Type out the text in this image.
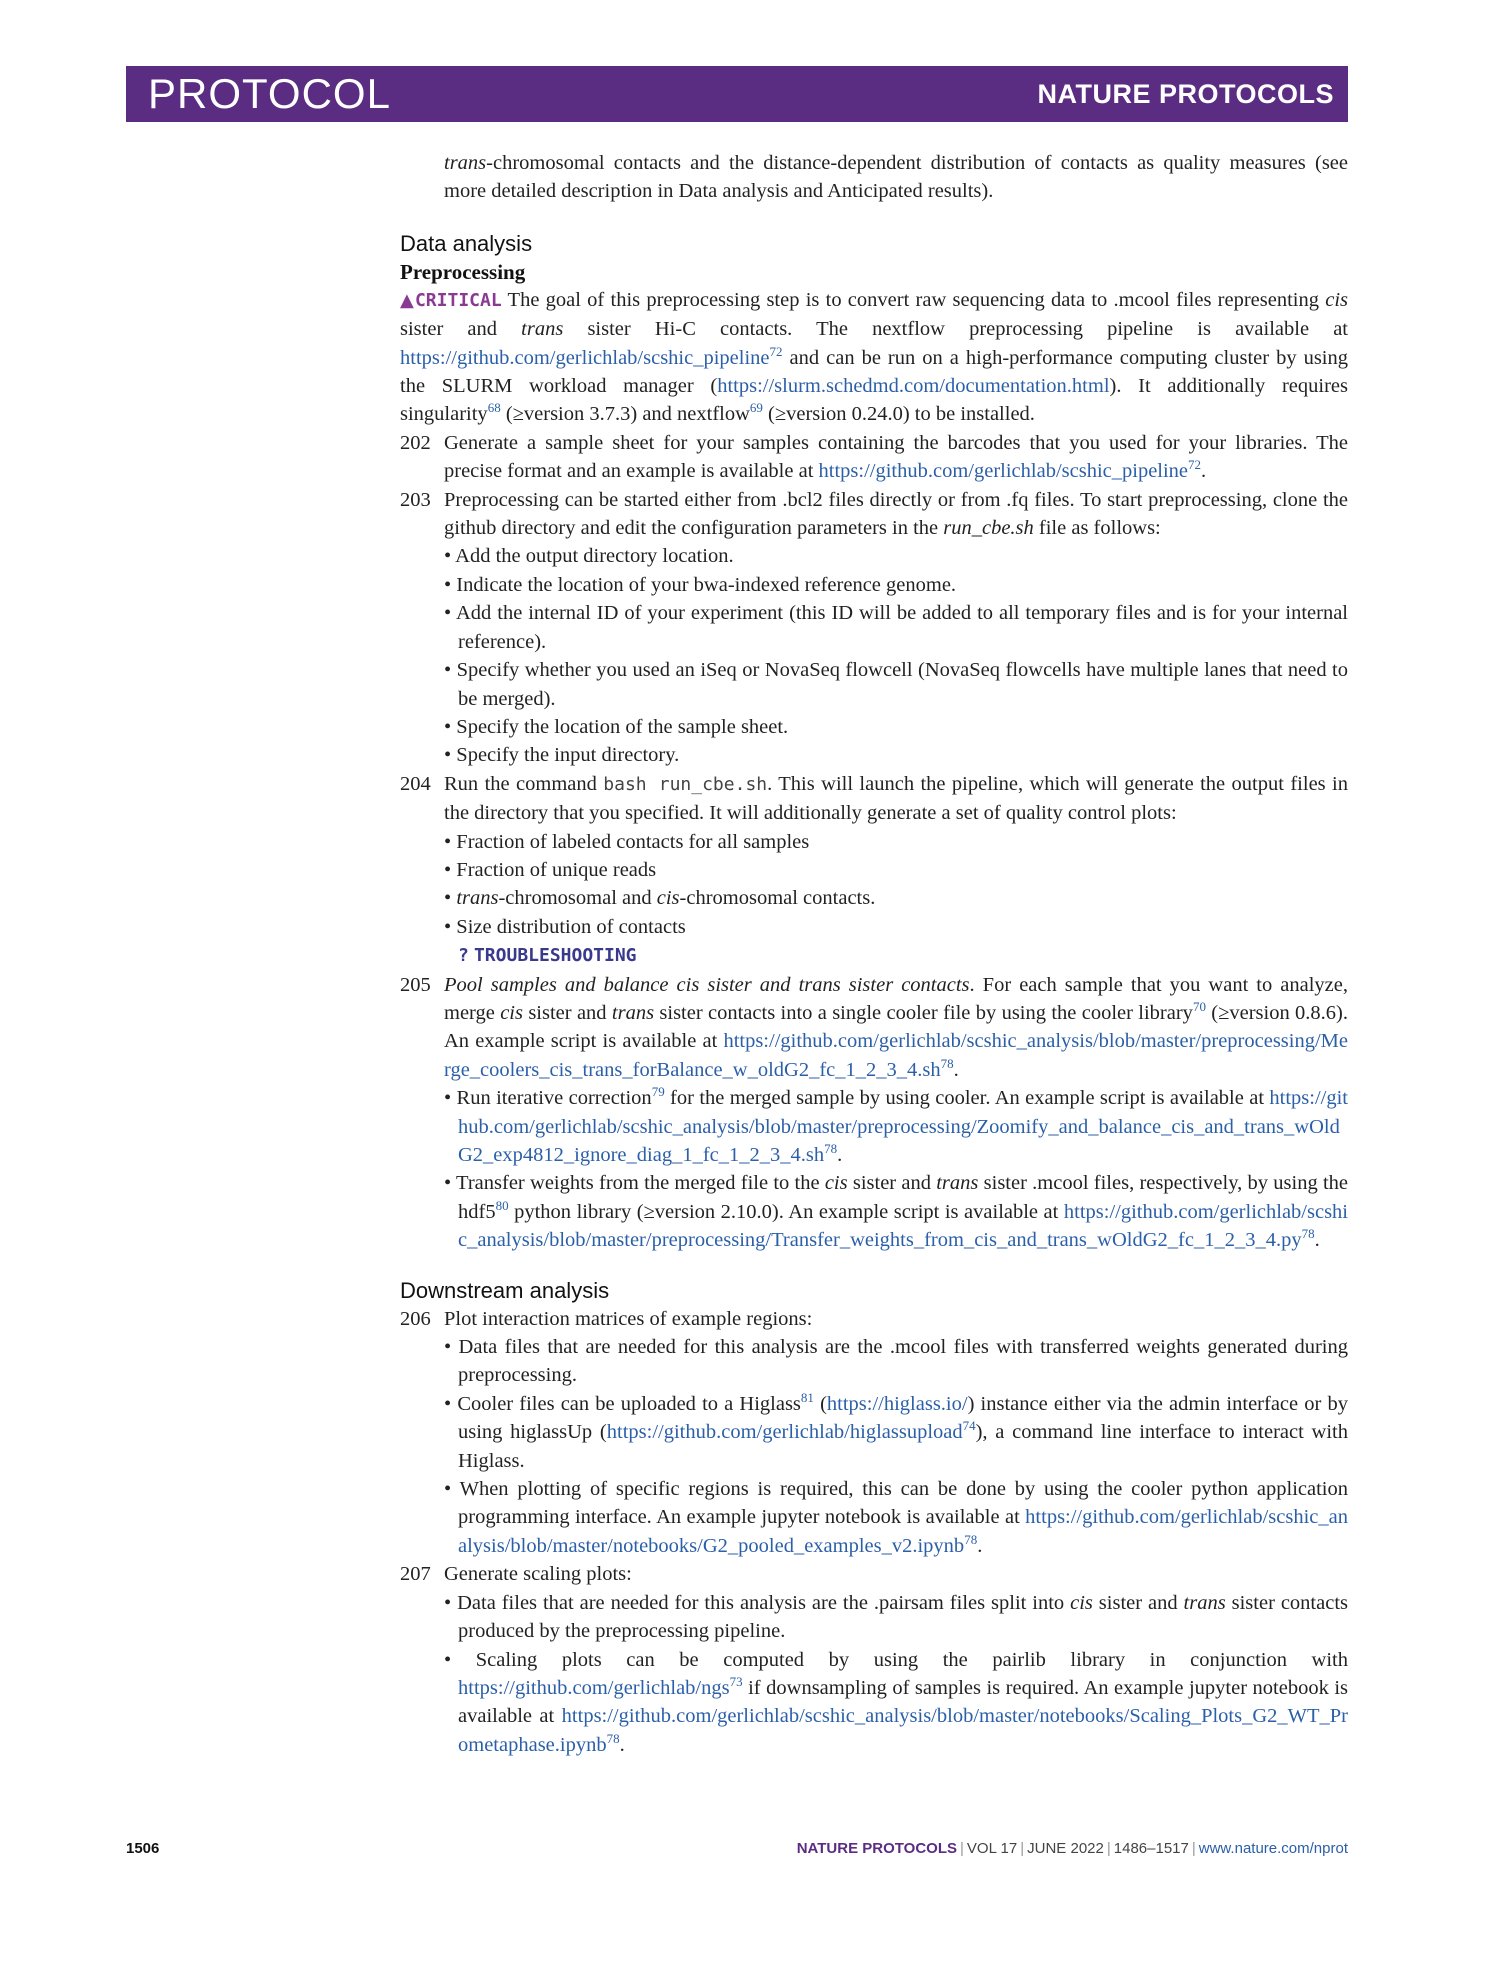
PROTOCOL	NATURE PROTOCOLS

trans-chromosomal contacts and the distance-dependent distribution of contacts as quality measures (see more detailed description in Data analysis and Anticipated results).

Data analysis
Preprocessing

▲CRITICAL The goal of this preprocessing step is to convert raw sequencing data to .mcool files representing cis sister and trans sister Hi-C contacts. The nextflow preprocessing pipeline is available at https://github.com/gerlichlab/scshic_pipeline$^{72}$ and can be run on a high-performance computing cluster by using the SLURM workload manager (https://slurm.schedmd.com/documentation.html). It additionally requires singularity$^{68}$ (≥version 3.7.3) and nextflow$^{69}$ (≥version 0.24.0) to be installed.

202 Generate a sample sheet for your samples containing the barcodes that you used for your libraries. The precise format and an example is available at https://github.com/gerlichlab/scshic_pipeline$^{72}$.
203 Preprocessing can be started either from .bcl2 files directly or from .fq files. To start preprocessing, clone the github directory and edit the configuration parameters in the run_cbe.sh file as follows:

• Add the output directory location.

• Indicate the location of your bwa-indexed reference genome.

• Add the internal ID of your experiment (this ID will be added to all temporary files and is for your internal reference).

• Specify whether you used an iSeq or NovaSeq flowcell (NovaSeq flowcells have multiple lanes that need to be merged).

• Specify the location of the sample sheet.

• Specify the input directory.

204 Run the command bash run_cbe.sh. This will launch the pipeline, which will generate the output files in the directory that you specified. It will additionally generate a set of quality control plots:

• Fraction of labeled contacts for all samples

• Fraction of unique reads

• trans-chromosomal and cis-chromosomal contacts.

• Size distribution of contacts

? TROUBLESHOOTING

205 Pool samples and balance cis sister and trans sister contacts. For each sample that you want to analyze, merge cis sister and trans sister contacts into a single cooler file by using the cooler library$^{70}$ (≥version 0.8.6). An example script is available at https://github.com/gerlichlab/scshic_analysis/blob/master/preprocessing/Merge_coolers_cis_trans_forBalance_w_oldG2_fc_1_$2\_3\_4.sh^{78}$.

• Run iterative correction$^{79}$ for the merged sample by using cooler. An example script is available at https://github.com/gerlichlab/scshic_analysis/blob/master/preprocessing/Zoomify_and_balance_cis_and_trans_wOldG2_exp4812$\_ignore\_diag\_1\_fc\_1\_2\_3\_4.sh^{78}$.

• Transfer weights from the merged file to the cis sister and trans sister .mcool files, respectively, by using the $hdf5^{80}$ python library (≥version 2.10.0). An example script is available at https://github.com/gerlichlab/scshic_analysis/blob/master/preprocessing/Transfer_weights_from_cis_and_trans_wOldG2_fc_1_$2\_3\_4.py^{78}$.

Downstream analysis
206 Plot interaction matrices of example regions:

• Data files that are needed for this analysis are the .mcool files with transferred weights generated during preprocessing.

• Cooler files can be uploaded to a Higlass$^{81}$ (https://higlass.io/) instance either via the admin interface or by using higlassUp (https://github.com/gerlichlab/higlassupload$^{74}$), a command line interface to interact with Higlass.

• When plotting of specific regions is required, this can be done by using the cooler python application programming interface. An example jupyter notebook is available at https://github.com/gerlichlab/scshic_analysis/blob/master/notebooks/G2_pooled_examples_v2.ipynb$^{78}$.

207 Generate scaling plots:

• Data files that are needed for this analysis are the .pairsam files split into cis sister and trans sister contacts produced by the preprocessing pipeline.

• Scaling plots can be computed by using the pairlib library in conjunction with https://github.com/gerlichlab/ngs$^{73}$ if downsampling of samples is required. An example jupyter notebook is available at https://github.com/gerlichlab/scshic_analysis/blob/master/notebooks/Scaling_Plots_G2_WT_Prometaphase.ipynb$^{78}$.

1506	NATURE PROTOCOLS | VOL 17 | JUNE 2022 | 1486–1517 | www.nature.com/nprot
